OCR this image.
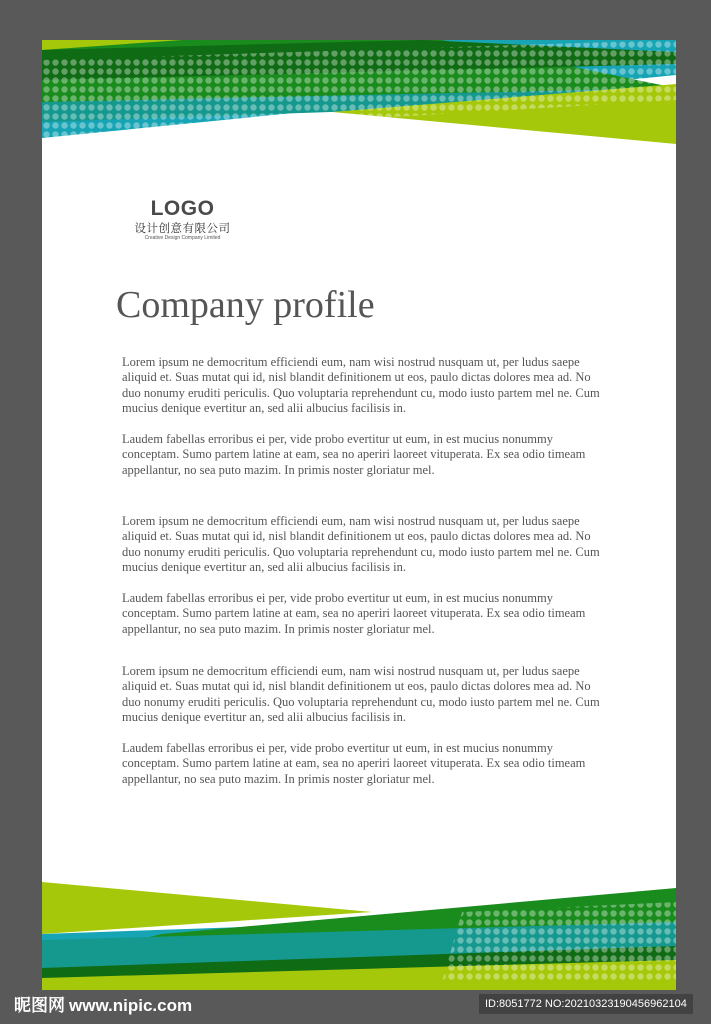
LOGO
设计创意有限公司
Creative Design Company Limited
Company profile

Lorem ipsum ne democritum efficiendi eum, nam wisi nostrud nusquam ut, per ludus saepe aliquid et. Suas mutat qui id, nisl blandit definitionem ut eos, paulo dictas dolores mea ad. No duo nonumy eruditi periculis. Quo voluptaria reprehendunt cu, modo iusto partem mel ne. Cum mucius denique evertitur an, sed alii albucius facilisis in.

Laudem fabellas erroribus ei per, vide probo evertitur ut eum, in est mucius nonummy conceptam. Sumo partem latine at eam, sea no aperiri laoreet vituperata. Ex sea odio timeam appellantur, no sea puto mazim. In primis noster gloriatur mel.

Lorem ipsum ne democritum efficiendi eum, nam wisi nostrud nusquam ut, per ludus saepe aliquid et. Suas mutat qui id, nisl blandit definitionem ut eos, paulo dictas dolores mea ad. No duo nonumy eruditi periculis. Quo voluptaria reprehendunt cu, modo iusto partem mel ne. Cum mucius denique evertitur an, sed alii albucius facilisis in.

Laudem fabellas erroribus ei per, vide probo evertitur ut eum, in est mucius nonummy conceptam. Sumo partem latine at eam, sea no aperiri laoreet vituperata. Ex sea odio timeam appellantur, no sea puto mazim. In primis noster gloriatur mel.

Lorem ipsum ne democritum efficiendi eum, nam wisi nostrud nusquam ut, per ludus saepe aliquid et. Suas mutat qui id, nisl blandit definitionem ut eos, paulo dictas dolores mea ad. No duo nonumy eruditi periculis. Quo voluptaria reprehendunt cu, modo iusto partem mel ne. Cum mucius denique evertitur an, sed alii albucius facilisis in.

Laudem fabellas erroribus ei per, vide probo evertitur ut eum, in est mucius nonummy conceptam. Sumo partem latine at eam, sea no aperiri laoreet vituperata. Ex sea odio timeam appellantur, no sea puto mazim. In primis noster gloriatur mel.

昵图网 www.nipic.com	ID:8051772 NO:20210323190456962104
